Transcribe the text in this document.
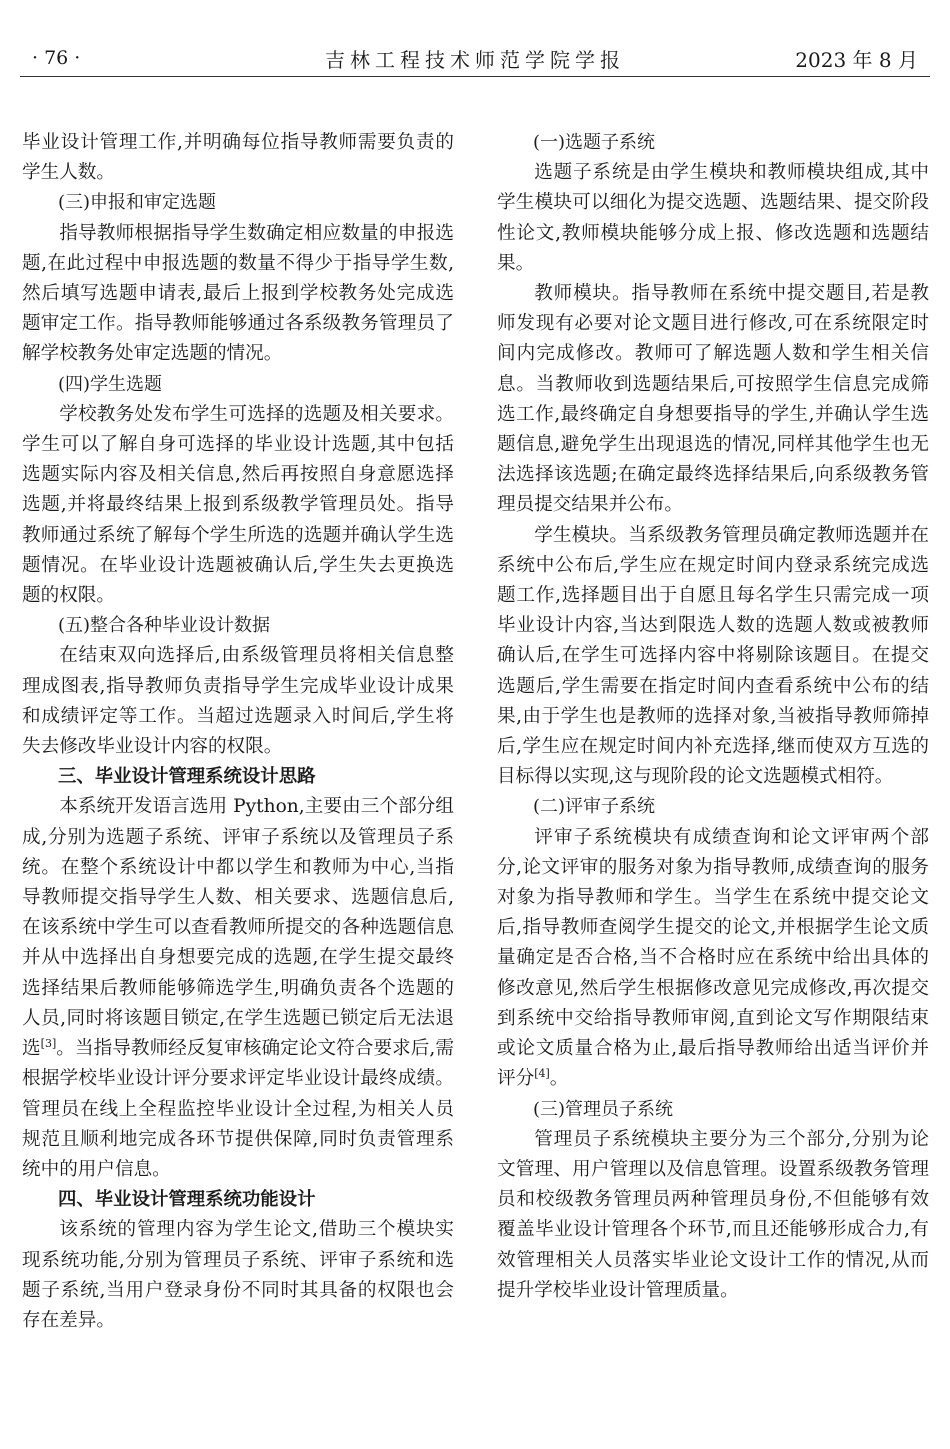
· 76 ·	吉林工程技术师范学院学报	2023 年 8 月

毕业设计管理工作,并明确每位指导教师需要负责的学生人数。

(三)申报和审定选题

指导教师根据指导学生数确定相应数量的申报选题,在此过程中申报选题的数量不得少于指导学生数,然后填写选题申请表,最后上报到学校教务处完成选题审定工作。指导教师能够通过各系级教务管理员了解学校教务处审定选题的情况。

(四)学生选题

学校教务处发布学生可选择的选题及相关要求。学生可以了解自身可选择的毕业设计选题,其中包括选题实际内容及相关信息,然后再按照自身意愿选择选题,并将最终结果上报到系级教学管理员处。指导教师通过系统了解每个学生所选的选题并确认学生选题情况。在毕业设计选题被确认后,学生失去更换选题的权限。

(五)整合各种毕业设计数据

在结束双向选择后,由系级管理员将相关信息整理成图表,指导教师负责指导学生完成毕业设计成果和成绩评定等工作。当超过选题录入时间后,学生将失去修改毕业设计内容的权限。

三、毕业设计管理系统设计思路

本系统开发语言选用 Python,主要由三个部分组成,分别为选题子系统、评审子系统以及管理员子系统。在整个系统设计中都以学生和教师为中心,当指导教师提交指导学生人数、相关要求、选题信息后,在该系统中学生可以查看教师所提交的各种选题信息并从中选择出自身想要完成的选题,在学生提交最终选择结果后教师能够筛选学生,明确负责各个选题的人员,同时将该题目锁定,在学生选题已锁定后无法退选[3]。当指导教师经反复审核确定论文符合要求后,需根据学校毕业设计评分要求评定毕业设计最终成绩。管理员在线上全程监控毕业设计全过程,为相关人员规范且顺利地完成各环节提供保障,同时负责管理系统中的用户信息。

四、毕业设计管理系统功能设计

该系统的管理内容为学生论文,借助三个模块实现系统功能,分别为管理员子系统、评审子系统和选题子系统,当用户登录身份不同时其具备的权限也会存在差异。

(一)选题子系统

选题子系统是由学生模块和教师模块组成,其中学生模块可以细化为提交选题、选题结果、提交阶段性论文,教师模块能够分成上报、修改选题和选题结果。

教师模块。指导教师在系统中提交题目,若是教师发现有必要对论文题目进行修改,可在系统限定时间内完成修改。教师可了解选题人数和学生相关信息。当教师收到选题结果后,可按照学生信息完成筛选工作,最终确定自身想要指导的学生,并确认学生选题信息,避免学生出现退选的情况,同样其他学生也无法选择该选题;在确定最终选择结果后,向系级教务管理员提交结果并公布。

学生模块。当系级教务管理员确定教师选题并在系统中公布后,学生应在规定时间内登录系统完成选题工作,选择题目出于自愿且每名学生只需完成一项毕业设计内容,当达到限选人数的选题人数或被教师确认后,在学生可选择内容中将剔除该题目。在提交选题后,学生需要在指定时间内查看系统中公布的结果,由于学生也是教师的选择对象,当被指导教师筛掉后,学生应在规定时间内补充选择,继而使双方互选的目标得以实现,这与现阶段的论文选题模式相符。

(二)评审子系统

评审子系统模块有成绩查询和论文评审两个部分,论文评审的服务对象为指导教师,成绩查询的服务对象为指导教师和学生。当学生在系统中提交论文后,指导教师查阅学生提交的论文,并根据学生论文质量确定是否合格,当不合格时应在系统中给出具体的修改意见,然后学生根据修改意见完成修改,再次提交到系统中交给指导教师审阅,直到论文写作期限结束或论文质量合格为止,最后指导教师给出适当评价并评分[4]。

(三)管理员子系统

管理员子系统模块主要分为三个部分,分别为论文管理、用户管理以及信息管理。设置系级教务管理员和校级教务管理员两种管理员身份,不但能够有效覆盖毕业设计管理各个环节,而且还能够形成合力,有效管理相关人员落实毕业论文设计工作的情况,从而提升学校毕业设计管理质量。
